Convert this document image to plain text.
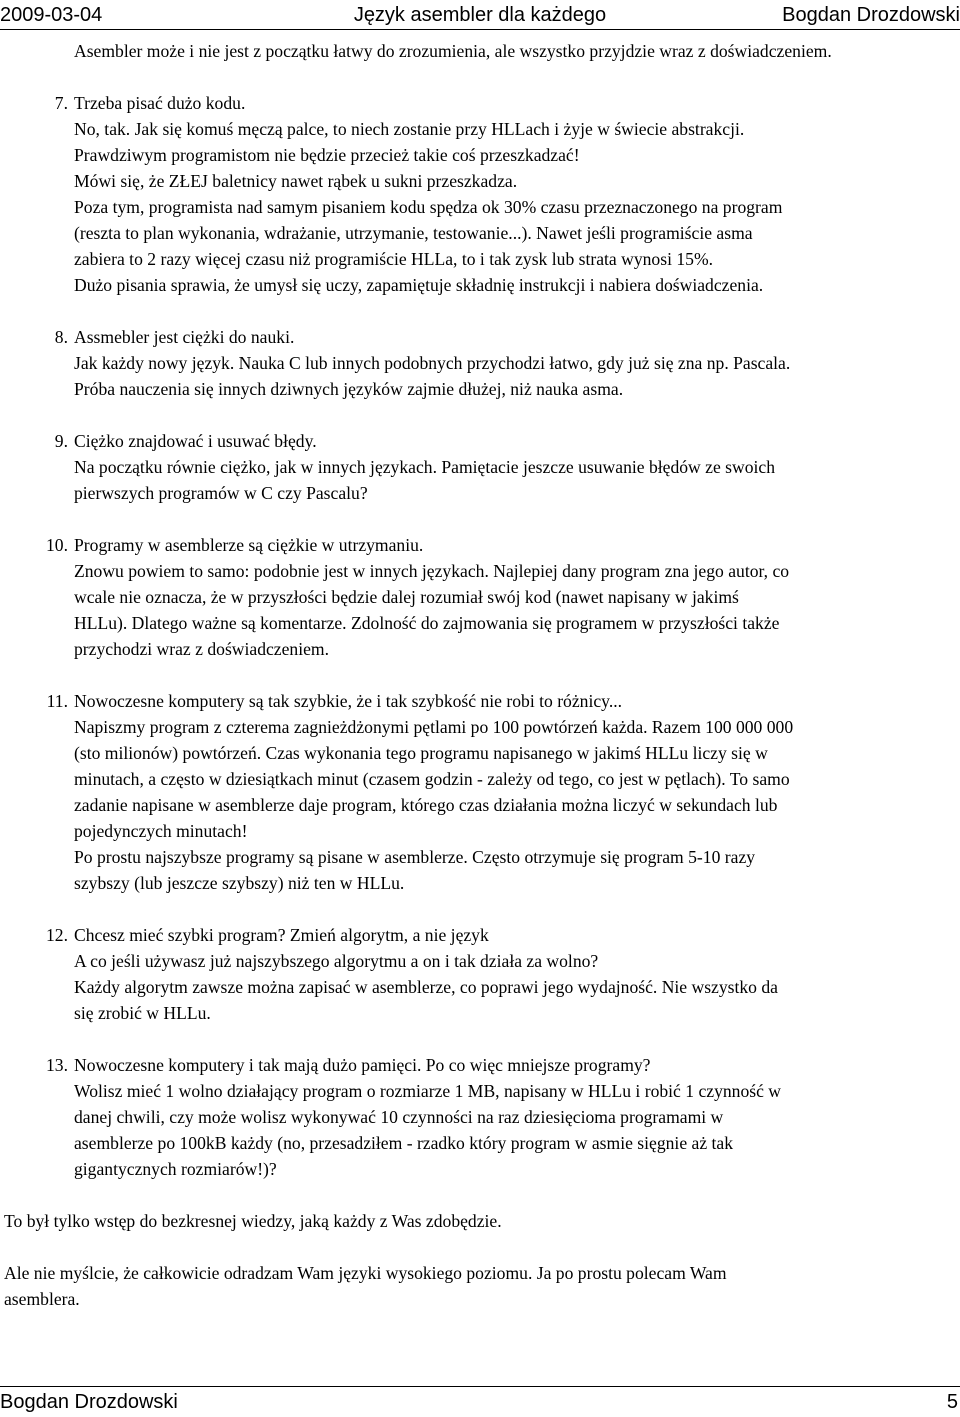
2009-03-04	Język asembler dla każdego	Bogdan Drozdowski

Asembler może i nie jest z początku łatwy do zrozumienia, ale wszystko przyjdzie wraz z doświadczeniem.

7. Trzeba pisać dużo kodu.
No, tak. Jak się komuś męczą palce, to niech zostanie przy HLLach i żyje w świecie abstrakcji.
Prawdziwym programistom nie będzie przecież takie coś przeszkadzać!
Mówi się, że ZŁEJ baletnicy nawet rąbek u sukni przeszkadza.
Poza tym, programista nad samym pisaniem kodu spędza ok 30% czasu przeznaczonego na program
(reszta to plan wykonania, wdrażanie, utrzymanie, testowanie...). Nawet jeśli programiście asma
zabiera to 2 razy więcej czasu niż programiście HLLa, to i tak zysk lub strata wynosi 15%.
Dużo pisania sprawia, że umysł się uczy, zapamiętuje składnię instrukcji i nabiera doświadczenia.
8. Assmebler jest ciężki do nauki.
Jak każdy nowy język. Nauka C lub innych podobnych przychodzi łatwo, gdy już się zna np. Pascala.
Próba nauczenia się innych dziwnych języków zajmie dłużej, niż nauka asma.
9. Ciężko znajdować i usuwać błędy.
Na początku równie ciężko, jak w innych językach. Pamiętacie jeszcze usuwanie błędów ze swoich
pierwszych programów w C czy Pascalu?
10. Programy w asemblerze są ciężkie w utrzymaniu.
Znowu powiem to samo: podobnie jest w innych językach. Najlepiej dany program zna jego autor, co
wcale nie oznacza, że w przyszłości będzie dalej rozumiał swój kod (nawet napisany w jakimś
HLLu). Dlatego ważne są komentarze. Zdolność do zajmowania się programem w przyszłości także
przychodzi wraz z doświadczeniem.
11. Nowoczesne komputery są tak szybkie, że i tak szybkość nie robi to różnicy...
Napiszmy program z czterema zagnieżdżonymi pętlami po 100 powtórzeń każda. Razem 100 000 000
(sto milionów) powtórzeń. Czas wykonania tego programu napisanego w jakimś HLLu liczy się w
minutach, a często w dziesiątkach minut (czasem godzin - zależy od tego, co jest w pętlach). To samo
zadanie napisane w asemblerze daje program, którego czas działania można liczyć w sekundach lub
pojedynczych minutach!
Po prostu najszybsze programy są pisane w asemblerze. Często otrzymuje się program 5-10 razy
szybszy (lub jeszcze szybszy) niż ten w HLLu.
12. Chcesz mieć szybki program? Zmień algorytm, a nie język
A co jeśli używasz już najszybszego algorytmu a on i tak działa za wolno?
Każdy algorytm zawsze można zapisać w asemblerze, co poprawi jego wydajność. Nie wszystko da
się zrobić w HLLu.
13. Nowoczesne komputery i tak mają dużo pamięci. Po co więc mniejsze programy?
Wolisz mieć 1 wolno działający program o rozmiarze 1 MB, napisany w HLLu i robić 1 czynność w
danej chwili, czy może wolisz wykonywać 10 czynności na raz dziesięcioma programami w
asemblerze po 100kB każdy (no, przesadziłem - rzadko który program w asmie sięgnie aż tak
gigantycznych rozmiarów!)?

To był tylko wstęp do bezkresnej wiedzy, jaką każdy z Was zdobędzie.

Ale nie myślcie, że całkowicie odradzam Wam języki wysokiego poziomu. Ja po prostu polecam Wam
asemblera.

Bogdan Drozdowski	5
